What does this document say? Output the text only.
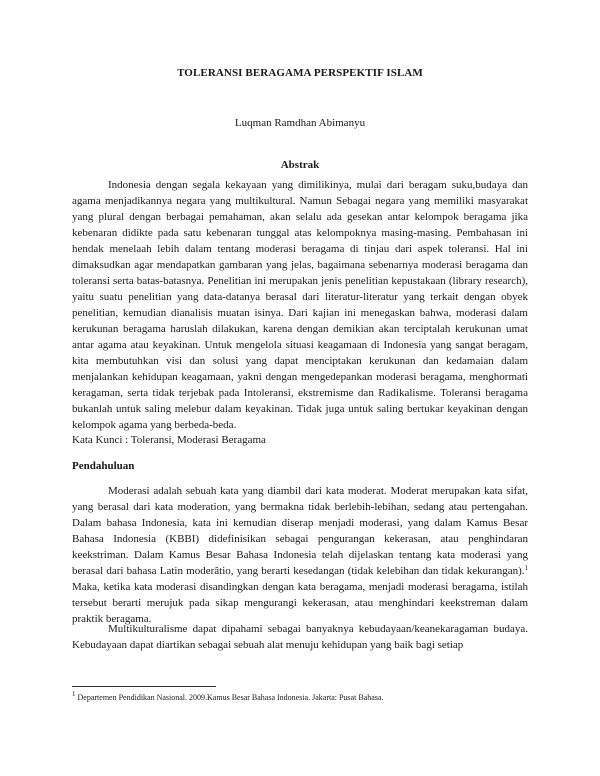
TOLERANSI BERAGAMA PERSPEKTIF ISLAM
Luqman Ramdhan Abimanyu
Abstrak

Indonesia dengan segala kekayaan yang dimilikinya, mulai dari beragam suku,budaya dan agama menjadikannya negara yang multikultural. Namun Sebagai negara yang memiliki masyarakat yang plural dengan berbagai pemahaman, akan selalu ada gesekan antar kelompok beragama jika kebenaran didikte pada satu kebenaran tunggal atas kelompoknya masing-masing. Pembahasan ini hendak menelaah lebih dalam tentang moderasi beragama di tinjau dari aspek toleransi. Hal ini dimaksudkan agar mendapatkan gambaran yang jelas, bagaimana sebenarnya moderasi beragama dan toleransi serta batas-batasnya. Penelitian ini merupakan jenis penelitian kepustakaan (library research), yaitu suatu penelitian yang data-datanya berasal dari literatur-literatur yang terkait dengan obyek penelitian, kemudian dianalisis muatan isinya. Dari kajian ini menegaskan bahwa, moderasi dalam kerukunan beragama haruslah dilakukan, karena dengan demikian akan terciptalah kerukunan umat antar agama atau keyakinan. Untuk mengelola situasi keagamaan di Indonesia yang sangat beragam, kita membutuhkan visi dan solusi yang dapat menciptakan kerukunan dan kedamaian dalam menjalankan kehidupan keagamaan, yakni dengan mengedepankan moderasi beragama, menghormati keragaman, serta tidak terjebak pada Intoleransi, ekstremisme dan Radikalisme. Toleransi beragama bukanlah untuk saling melebur dalam keyakinan. Tidak juga untuk saling bertukar keyakinan dengan kelompok agama yang berbeda-beda.

Kata Kunci : Toleransi, Moderasi Beragama
Pendahuluan

Moderasi adalah sebuah kata yang diambil dari kata moderat. Moderat merupakan kata sifat, yang berasal dari kata moderation, yang bermakna tidak berlebih-lebihan, sedang atau pertengahan. Dalam bahasa Indonesia, kata ini kemudian diserap menjadi moderasi, yang dalam Kamus Besar Bahasa Indonesia (KBBI) didefinisikan sebagai pengurangan kekerasan, atau penghindaran keekstriman. Dalam Kamus Besar Bahasa Indonesia telah dijelaskan tentang kata moderasi yang berasal dari bahasa Latin moderâtio, yang berarti kesedangan (tidak kelebihan dan tidak kekurangan).$^1$ Maka, ketika kata moderasi disandingkan dengan kata beragama, menjadi moderasi beragama, istilah tersebut berarti merujuk pada sikap mengurangi kekerasan, atau menghindari keekstreman dalam praktik beragama.

Multikulturalisme dapat dipahami sebagai banyaknya kebudayaan/keanekaragaman budaya. Kebudayaan dapat diartikan sebagai sebuah alat menuju kehidupan yang baik bagi setiap

$^1$ Departemen Pendidikan Nasional. 2009.Kamus Besar Bahasa Indonesia. Jakarta: Pusat Bahasa.
